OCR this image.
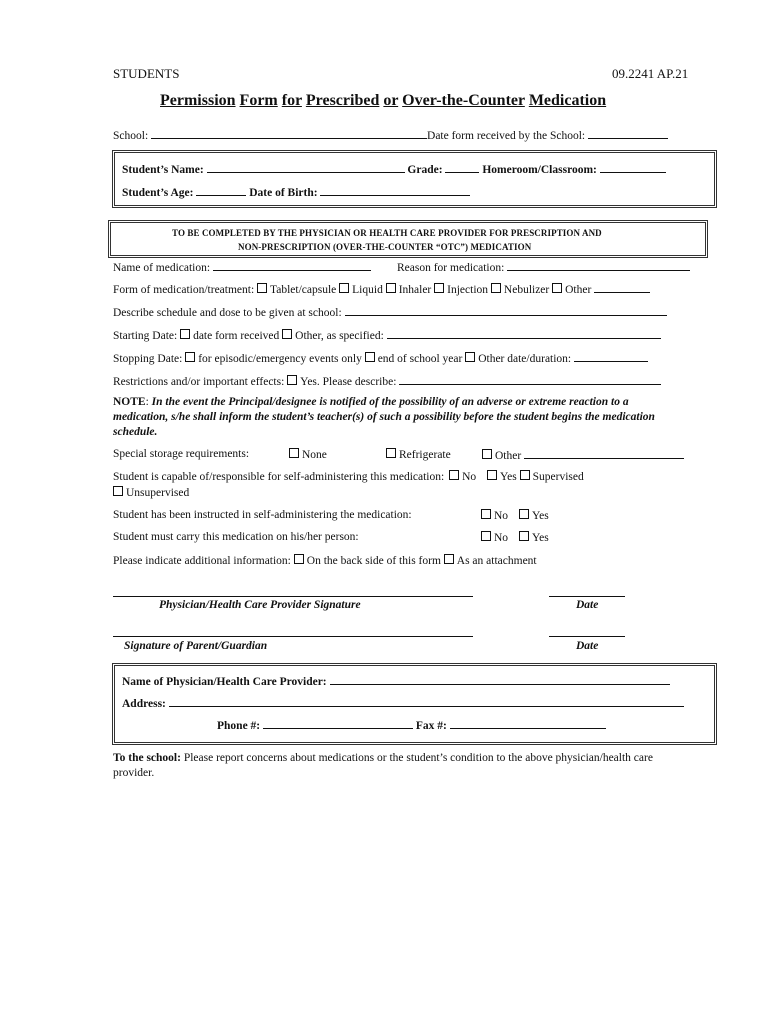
STUDENTS	09.2241 AP.21
Permission Form for Prescribed or Over-the-Counter Medication
School:	Date form received by the School:
Student’s Name:	Grade:	Homeroom/Classroom:
Student’s Age:	Date of Birth:
TO BE COMPLETED BY THE PHYSICIAN OR HEALTH CARE PROVIDER FOR PRESCRIPTION AND
NON-PRESCRIPTION (OVER-THE-COUNTER “OTC”) MEDICATION
Name of medication:	Reason for medication:
Form of medication/treatment: Tablet/capsule Liquid Inhaler Injection Nebulizer Other
Describe schedule and dose to be given at school:
Starting Date: date form received Other, as specified:
Stopping Date: for episodic/emergency events only end of school year Other date/duration:
Restrictions and/or important effects: Yes. Please describe:
NOTE: In the event the Principal/designee is notified of the possibility of an adverse or extreme reaction to a
medication, s/he shall inform the student’s teacher(s) of such a possibility before the student begins the medication
schedule.
Special storage requirements:	None	Refrigerate	Other
Student is capable of/responsible for self-administering this medication: No Yes Supervised
Unsupervised
Student has been instructed in self-administering the medication:	No Yes
Student must carry this medication on his/her person:	No Yes
Please indicate additional information: On the back side of this form As an attachment
Physician/Health Care Provider Signature	Date
Signature of Parent/Guardian	Date
Name of Physician/Health Care Provider:
Address:
Phone #:	Fax #:
To the school: Please report concerns about medications or the student’s condition to the above physician/health care
provider.
